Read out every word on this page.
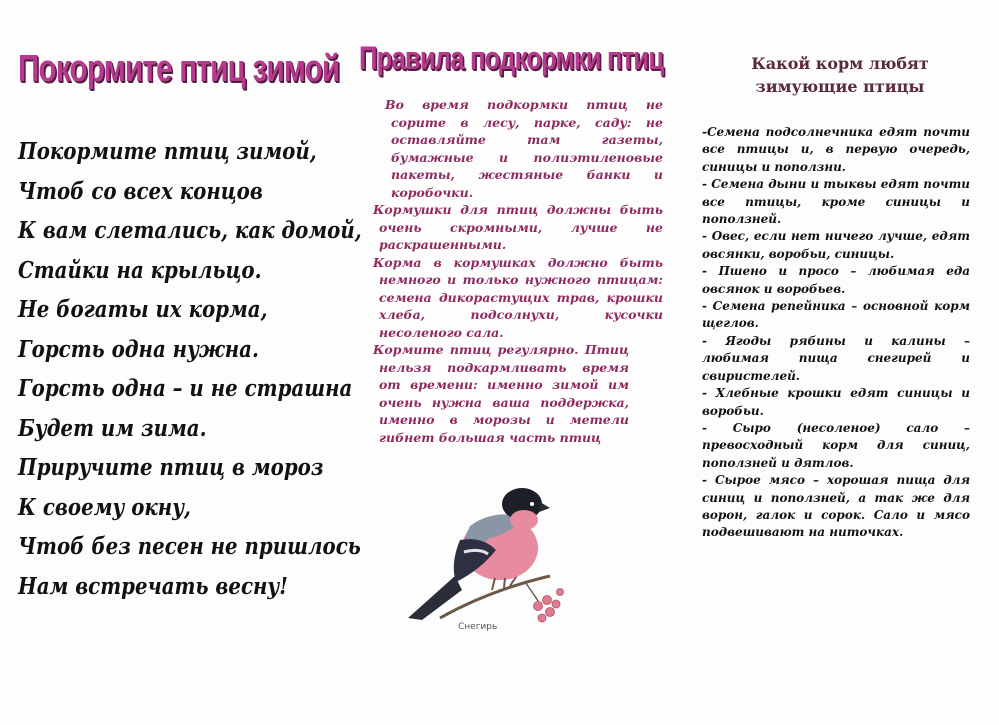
Покормите птиц зимой
Покормите птиц зимой,
Чтоб со всех концов
К вам слетались, как домой,
Стайки на крыльцо.
Не богаты их корма,
Горсть одна нужна.
Горсть одна – и не страшна
Будет им зима.
Приручите птиц в мороз
К своему окну,
Чтоб без песен не пришлось
Нам встречать весну!
Правила подкормки птиц

Во время подкормки птиц не сорите в лесу, парке, саду: не оставляйте там газеты, бумажные и полиэтиленовые пакеты, жестяные банки и коробочки.

Кормушки для птиц должны быть очень скромными, лучше не раскрашенными.

Корма в кормушках должно быть немного и только нужного птицам: семена дикорастущих трав, крошки хлеба, подсолнухи, кусочки несоленого сала.

Кормите птиц регулярно. Птиц нельзя подкармливать время от времени: именно зимой им очень нужна ваша поддержка, именно в морозы и метели гибнет большая часть птиц

Снегирь
Какой корм любят
зимующие птицы

-Семена подсолнечника едят почти все птицы и, в первую очередь, синицы и поползни.

- Семена дыни и тыквы едят почти все птицы, кроме синицы и поползней.

- Овес, если нет ничего лучше, едят овсянки, воробьи, синицы.

- Пшено и просо – любимая еда овсянок и воробьев.

- Семена репейника – основной корм щеглов.

- Ягоды рябины и калины – любимая пища снегирей и свиристелей.

- Хлебные крошки едят синицы и воробьи.

- Сыро (несоленое) сало – превосходный корм для синиц, поползней и дятлов.

- Сырое мясо – хорошая пища для синиц и поползней, а так же для ворон, галок и сорок. Сало и мясо подвешивают на ниточках.
